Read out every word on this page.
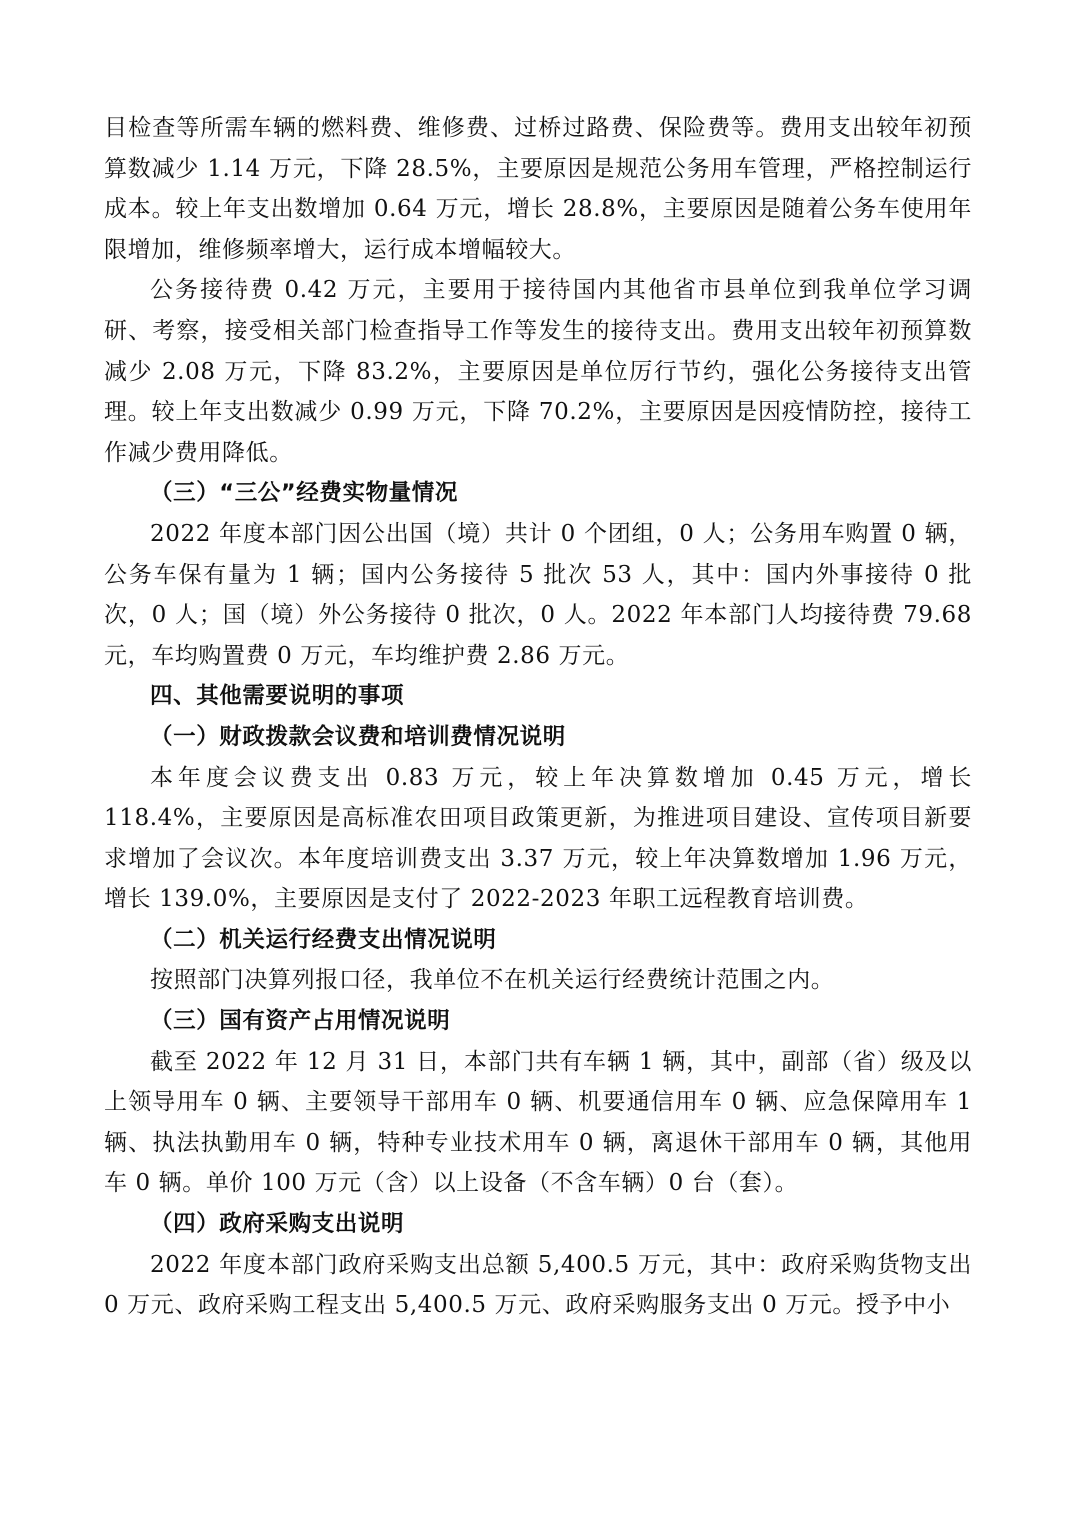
目检查等所需车辆的燃料费、维修费、过桥过路费、保险费等。费用支出较年初预算数减少 1.14 万元，下降 28.5%，主要原因是规范公务用车管理，严格控制运行成本。较上年支出数增加 0.64 万元，增长 28.8%，主要原因是随着公务车使用年限增加，维修频率增大，运行成本增幅较大。

公务接待费 0.42 万元，主要用于接待国内其他省市县单位到我单位学习调研、考察，接受相关部门检查指导工作等发生的接待支出。费用支出较年初预算数减少 2.08 万元，下降 83.2%，主要原因是单位厉行节约，强化公务接待支出管理。较上年支出数减少 0.99 万元，下降 70.2%，主要原因是因疫情防控，接待工作减少费用降低。

（三）“三公”经费实物量情况

2022 年度本部门因公出国（境）共计 0 个团组，0 人；公务用车购置 0 辆，公务车保有量为 1 辆；国内公务接待 5 批次 53 人，其中：国内外事接待 0 批次，0 人；国（境）外公务接待 0 批次，0 人。2022 年本部门人均接待费 79.68 元，车均购置费 0 万元，车均维护费 2.86 万元。

四、其他需要说明的事项

（一）财政拨款会议费和培训费情况说明

本年度会议费支出 0.83 万元，较上年决算数增加 0.45 万元，增长 118.4%，主要原因是高标准农田项目政策更新，为推进项目建设、宣传项目新要求增加了会议次。本年度培训费支出 3.37 万元，较上年决算数增加 1.96 万元，增长 139.0%，主要原因是支付了 2022-2023 年职工远程教育培训费。

（二）机关运行经费支出情况说明

按照部门决算列报口径，我单位不在机关运行经费统计范围之内。

（三）国有资产占用情况说明

截至 2022 年 12 月 31 日，本部门共有车辆 1 辆，其中，副部（省）级及以上领导用车 0 辆、主要领导干部用车 0 辆、机要通信用车 0 辆、应急保障用车 1 辆、执法执勤用车 0 辆，特种专业技术用车 0 辆，离退休干部用车 0 辆，其他用车 0 辆。单价 100 万元（含）以上设备（不含车辆）0 台（套）。

（四）政府采购支出说明

2022 年度本部门政府采购支出总额 5,400.5 万元，其中：政府采购货物支出 0 万元、政府采购工程支出 5,400.5 万元、政府采购服务支出 0 万元。授予中小
